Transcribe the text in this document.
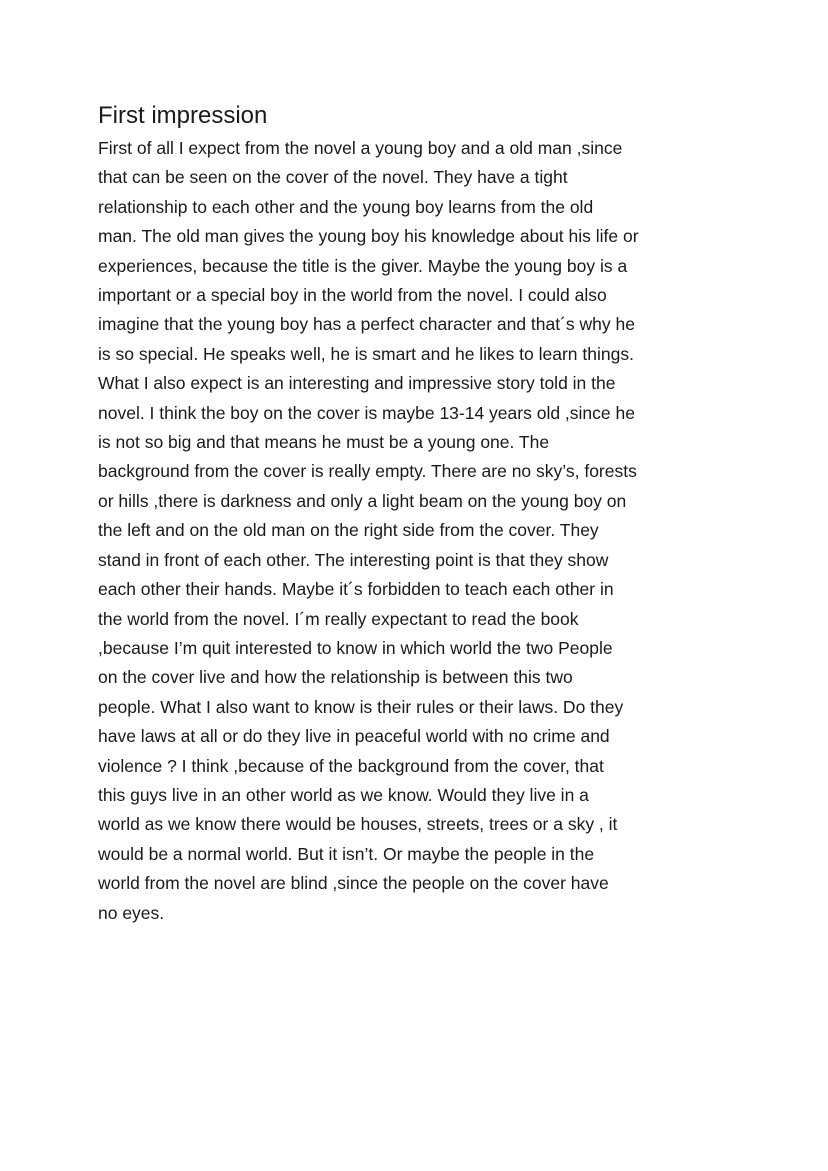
First impression
First of all I expect from the novel a young boy and a old man ,since
that can be seen on the cover of the novel. They have a tight
relationship to each other and the young boy learns from the old
man. The old man gives the young boy his knowledge about his life or
experiences, because the title is the giver. Maybe the young boy is a
important or a special boy in the world from the novel. I could also
imagine that the young boy has a perfect character and that´s why he
is so special. He speaks well, he is smart and he likes to learn things.
What I also expect is an interesting and impressive story told in the
novel. I think the boy on the cover is maybe 13-14 years old ,since he
is not so big and that means he must be a young one. The
background from the cover is really empty. There are no sky’s, forests
or hills ,there is darkness and only a light beam on the young boy on
the left and on the old man on the right side from the cover. They
stand in front of each other. The interesting point is that they show
each other their hands. Maybe it´s forbidden to teach each other in
the world from the novel. I´m really expectant to read the book
,because I’m quit interested to know in which world the two People
on the cover live and how the relationship is between this two
people. What I also want to know is their rules or their laws. Do they
have laws at all or do they live in peaceful world with no crime and
violence ? I think ,because of the background from the cover, that
this guys live in an other world as we know. Would they live in a
world as we know there would be houses, streets, trees or a sky , it
would be a normal world. But it isn’t. Or maybe the people in the
world from the novel are blind ,since the people on the cover have
no eyes.
